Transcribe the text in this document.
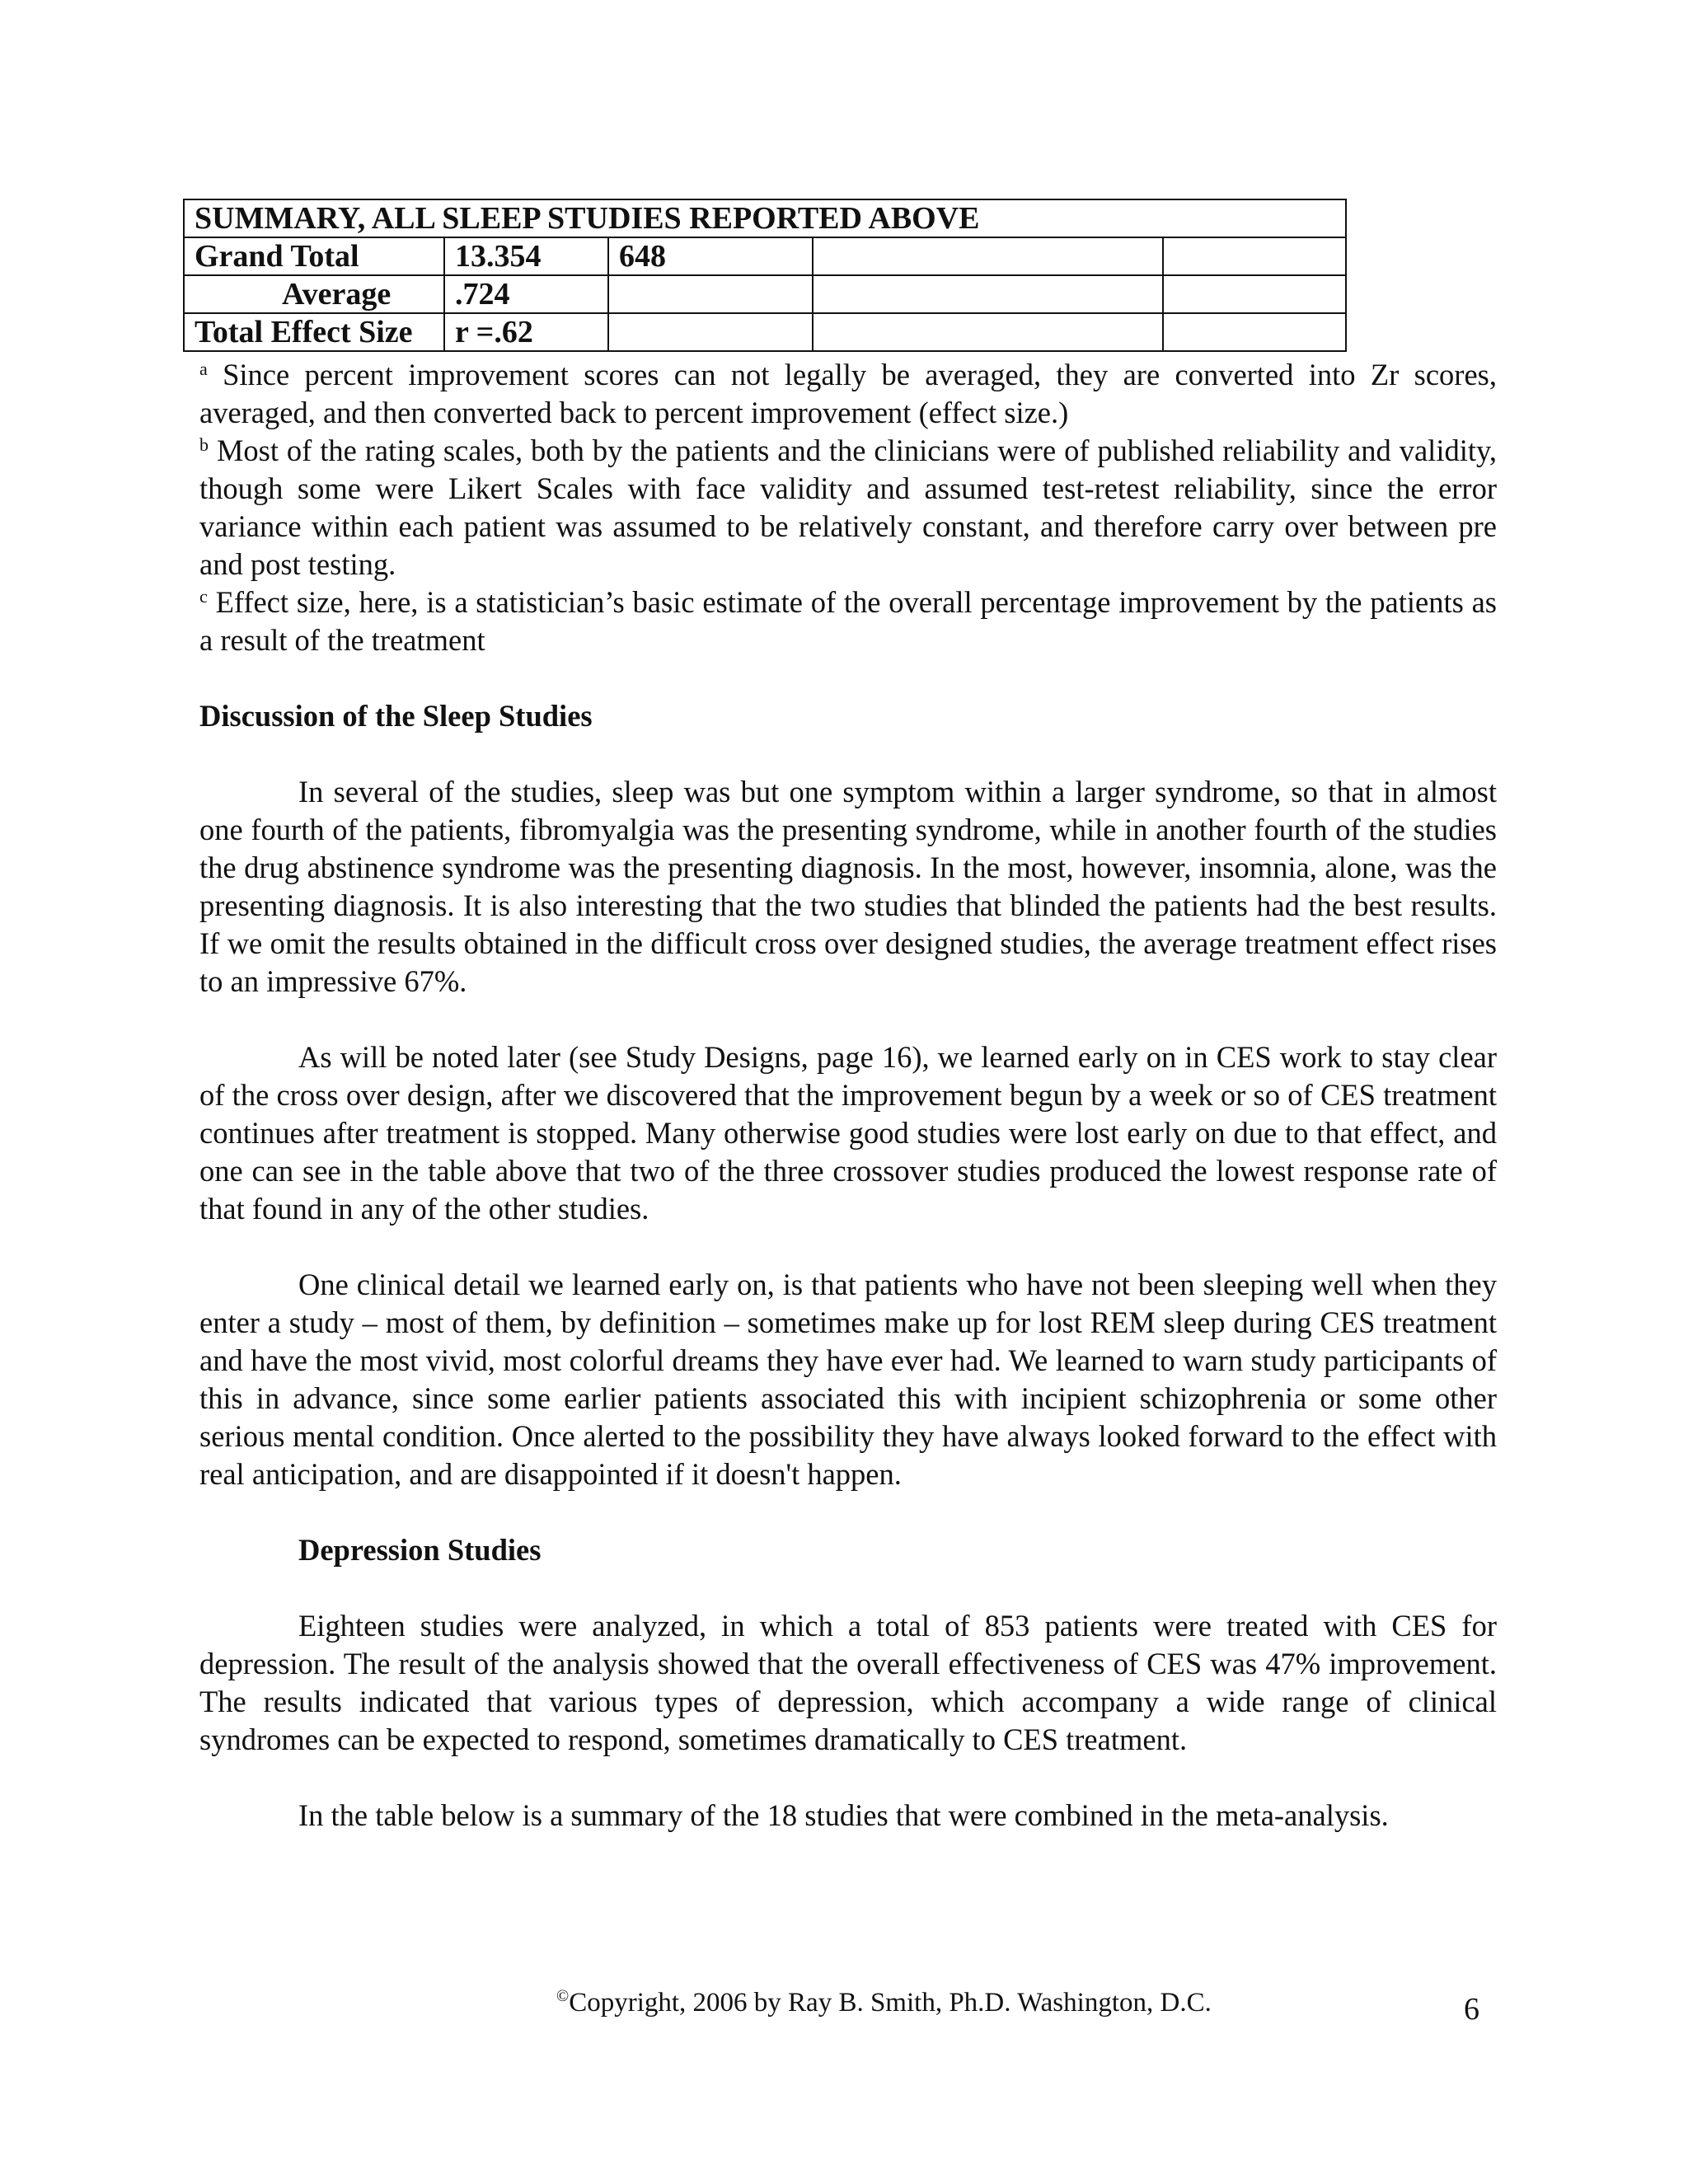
SUMMARY, ALL SLEEP STUDIES REPORTED ABOVE				
Grand Total	13.354	648		
Average	.724			
Total Effect Size	r =.62			

$^a$ Since percent improvement scores can not legally be averaged, they are converted into Zr scores, averaged, and then converted back to percent improvement (effect size.)

$^b$ Most of the rating scales, both by the patients and the clinicians were of published reliability and validity, though some were Likert Scales with face validity and assumed test-retest reliability, since the error variance within each patient was assumed to be relatively constant, and therefore carry over between pre and post testing.

$^c$ Effect size, here, is a statistician’s basic estimate of the overall percentage improvement by the patients as a result of the treatment

Discussion of the Sleep Studies

In several of the studies, sleep was but one symptom within a larger syndrome, so that in almost one fourth of the patients, fibromyalgia was the presenting syndrome, while in another fourth of the studies the drug abstinence syndrome was the presenting diagnosis. In the most, however, insomnia, alone, was the presenting diagnosis. It is also interesting that the two studies that blinded the patients had the best results. If we omit the results obtained in the difficult cross over designed studies, the average treatment effect rises to an impressive 67%.

As will be noted later (see Study Designs, page 16), we learned early on in CES work to stay clear of the cross over design, after we discovered that the improvement begun by a week or so of CES treatment continues after treatment is stopped. Many otherwise good studies were lost early on due to that effect, and one can see in the table above that two of the three crossover studies produced the lowest response rate of that found in any of the other studies.

One clinical detail we learned early on, is that patients who have not been sleeping well when they enter a study – most of them, by definition – sometimes make up for lost REM sleep during CES treatment and have the most vivid, most colorful dreams they have ever had. We learned to warn study participants of this in advance, since some earlier patients associated this with incipient schizophrenia or some other serious mental condition. Once alerted to the possibility they have always looked forward to the effect with real anticipation, and are disappointed if it doesn't happen.

Depression Studies

Eighteen studies were analyzed, in which a total of 853 patients were treated with CES for depression. The result of the analysis showed that the overall effectiveness of CES was 47% improvement. The results indicated that various types of depression, which accompany a wide range of clinical syndromes can be expected to respond, sometimes dramatically to CES treatment.

In the table below is a summary of the 18 studies that were combined in the meta-analysis.

©Copyright, 2006 by Ray B. Smith, Ph.D. Washington, D.C.	6
